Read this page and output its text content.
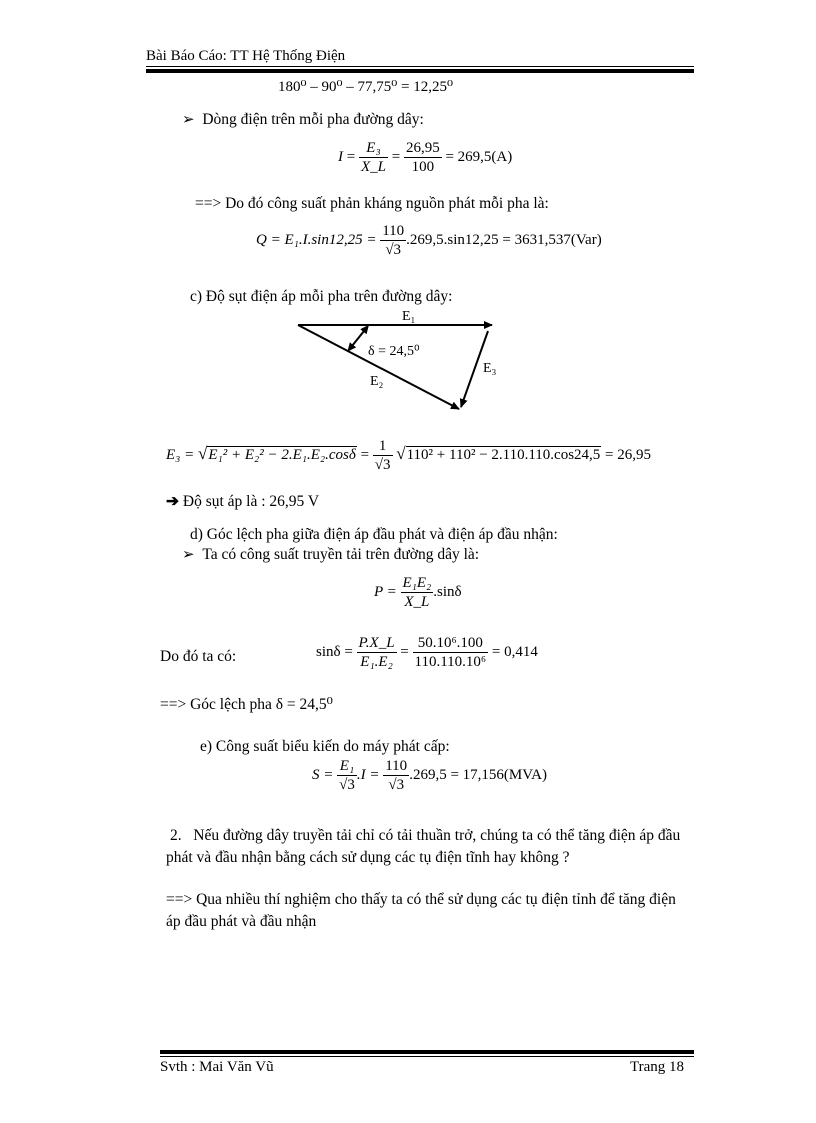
Bài Báo Cáo: TT Hệ Thống Điện
180⁰ – 90⁰ – 77,75⁰ = 12,25⁰
➢ Dòng điện trên mỗi pha đường dây:
$I = \frac{\text{E₃}}{X\_L} = \frac{26,95}{100} = 269,5(A)$
==> Do đó công suất phản kháng nguồn phát mỗi pha là:
$Q = E_1.I.\sin 12,25 = \frac{110}{√3} .269,5.\sin 12,25 = 3631,537(Var)$
c) Độ sụt điện áp mỗi pha trên đường dây:
E₁
δ = 24,5⁰
E₂
E₃
$E_3 = √E_1^2 + E_2^2 - 2.E_1.E_2.\cos\delta = \frac{1}{√3} √110^2 + 110^2 - 2.110.110.\cos 24,5 = 26,95$
➔ Độ sụt áp là : 26,95 V
d) Góc lệch pha giữa điện áp đầu phát và điện áp đầu nhận:
➢ Ta có công suất truyền tải trên đường dây là:
$P = \frac{\text{E₁E₂}}{X\_L} .\sin\delta$
Do đó ta có:	$\sin\delta = \frac{P.X\_L}{\text{E₁.E₂}} = \frac{\text{50.10⁶.100}}{\text{110.110.10⁶}} = 0,414$
==> Góc lệch pha δ = 24,5⁰
e) Công suất biểu kiến do máy phát cấp:
$S = \frac{\text{E₁}}{√3} .I = \frac{110}{√3} .269,5 = 17,156(MVA)$
2. Nếu đường dây truyền tải chỉ có tải thuần trở, chúng ta có thể tăng điện áp đầu
phát và đầu nhận bằng cách sử dụng các tụ điện tĩnh hay không ?
==> Qua nhiều thí nghiệm cho thấy ta có thể sử dụng các tụ điện tỉnh để tăng điện
áp đầu phát và đầu nhận
Svth : Mai Văn Vũ	Trang 18
